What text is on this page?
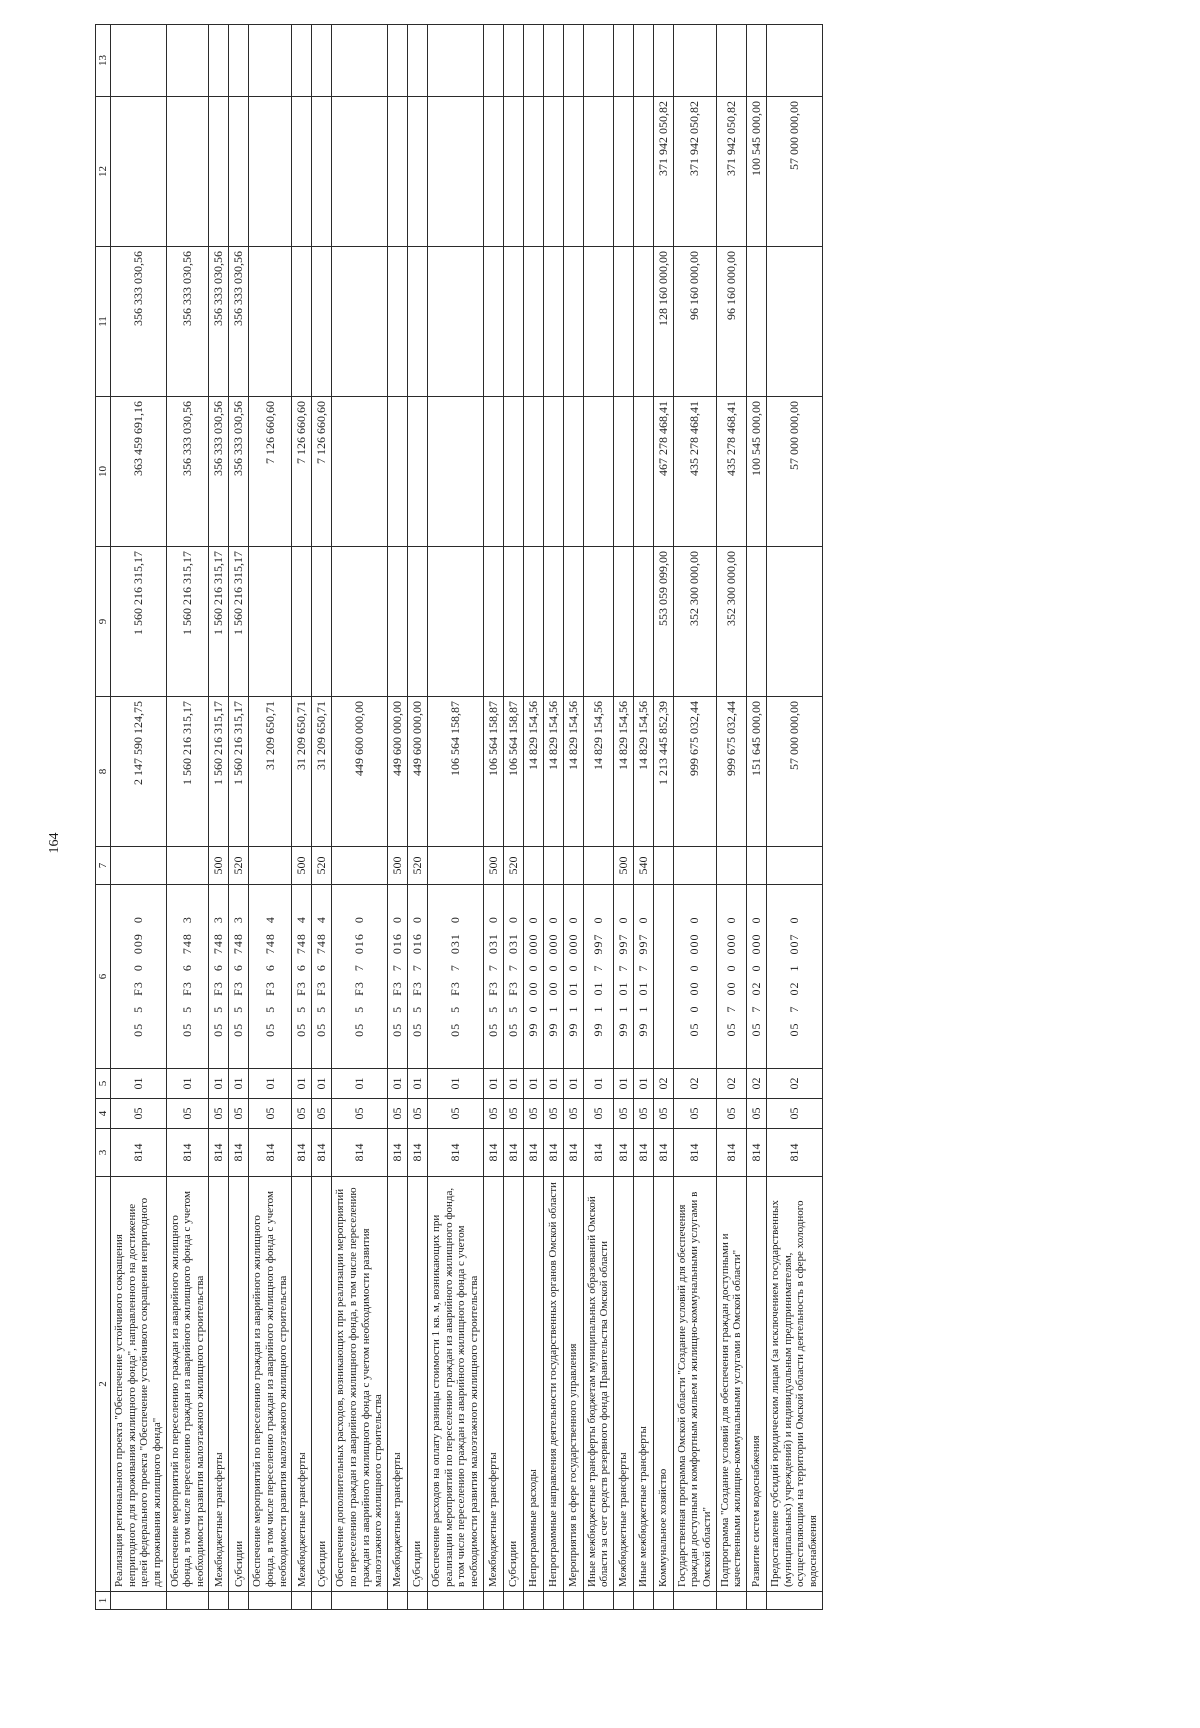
164
1	2	3	4	5	6	7	8	9	10	11	12	13
	Реализация регионального проекта "Обеспечение устойчивого сокращения непригодного для проживания жилищного фонда", направленного на достижение целей федерального проекта "Обеспечение устойчивого сокращения непригодного для проживания жилищного фонда"	814	05	01	055F300090		2 147 590 124,75	1 560 216 315,17	363 459 691,16	356 333 030,56		
	Обеспечение мероприятий по переселению граждан из аварийного жилищного фонда, в том числе переселению граждан из аварийного жилищного фонда с учетом необходимости развития малоэтажного жилищного строительства	814	05	01	055F367483		1 560 216 315,17	1 560 216 315,17	356 333 030,56	356 333 030,56		
	Межбюджетные трансферты	814	05	01	055F367483	500	1 560 216 315,17	1 560 216 315,17	356 333 030,56	356 333 030,56		
	Субсидии	814	05	01	055F367483	520	1 560 216 315,17	1 560 216 315,17	356 333 030,56	356 333 030,56		
	Обеспечение мероприятий по переселению граждан из аварийного жилищного фонда, в том числе переселению граждан из аварийного жилищного фонда с учетом необходимости развития малоэтажного жилищного строительства	814	05	01	055F367484		31 209 650,71		7 126 660,60			
	Межбюджетные трансферты	814	05	01	055F367484	500	31 209 650,71		7 126 660,60			
	Субсидии	814	05	01	055F367484	520	31 209 650,71		7 126 660,60			
	Обеспечение дополнительных расходов, возникающих при реализации мероприятий по переселению граждан из аварийного жилищного фонда, в том числе переселению граждан из аварийного жилищного фонда с учетом необходимости развития малоэтажного жилищного строительства	814	05	01	055F370160		449 600 000,00					
	Межбюджетные трансферты	814	05	01	055F370160	500	449 600 000,00					
	Субсидии	814	05	01	055F370160	520	449 600 000,00					
	Обеспечение расходов на оплату разницы стоимости 1 кв. м, возникающих при реализации мероприятий по переселению граждан из аварийного жилищного фонда, в том числе переселению граждан из аварийного жилищного фонда с учетом необходимости развития малоэтажного жилищного строительства	814	05	01	055F370310		106 564 158,87					
	Межбюджетные трансферты	814	05	01	055F370310	500	106 564 158,87					
	Субсидии	814	05	01	055F370310	520	106 564 158,87					
	Непрограммные расходы	814	05	01	9900000000		14 829 154,56					
	Непрограммные направления деятельности государственных органов Омской области	814	05	01	9910000000		14 829 154,56					
	Мероприятия в сфере государственного управления	814	05	01	9910100000		14 829 154,56					
	Иные межбюджетные трансферты бюджетам муниципальных образований Омской области за счет средств резервного фонда Правительства Омской области	814	05	01	9910179970		14 829 154,56					
	Межбюджетные трансферты	814	05	01	9910179970	500	14 829 154,56					
	Иные межбюджетные трансферты	814	05	01	9910179970	540	14 829 154,56					
	Коммунальное хозяйство	814	05	02			1 213 445 852,39	553 059 099,00	467 278 468,41	128 160 000,00	371 942 050,82	
	Государственная программа Омской области "Создание условий для обеспечения граждан доступным и комфортным жильем и жилищно-коммунальными услугами в Омской области"	814	05	02	0500000000		999 675 032,44	352 300 000,00	435 278 468,41	96 160 000,00	371 942 050,82	
	Подпрограмма "Создание условий для обеспечения граждан доступными и качественными жилищно-коммунальными услугами в Омской области"	814	05	02	0570000000		999 675 032,44	352 300 000,00	435 278 468,41	96 160 000,00	371 942 050,82	
	Развитие систем водоснабжения	814	05	02	0570200000		151 645 000,00		100 545 000,00		100 545 000,00	
	Предоставление субсидий юридическим лицам (за исключением государственных (муниципальных) учреждений) и индивидуальным предпринимателям, осуществляющим на территории Омской области деятельность в сфере холодного водоснабжения	814	05	02	0570210070		57 000 000,00		57 000 000,00		57 000 000,00	
